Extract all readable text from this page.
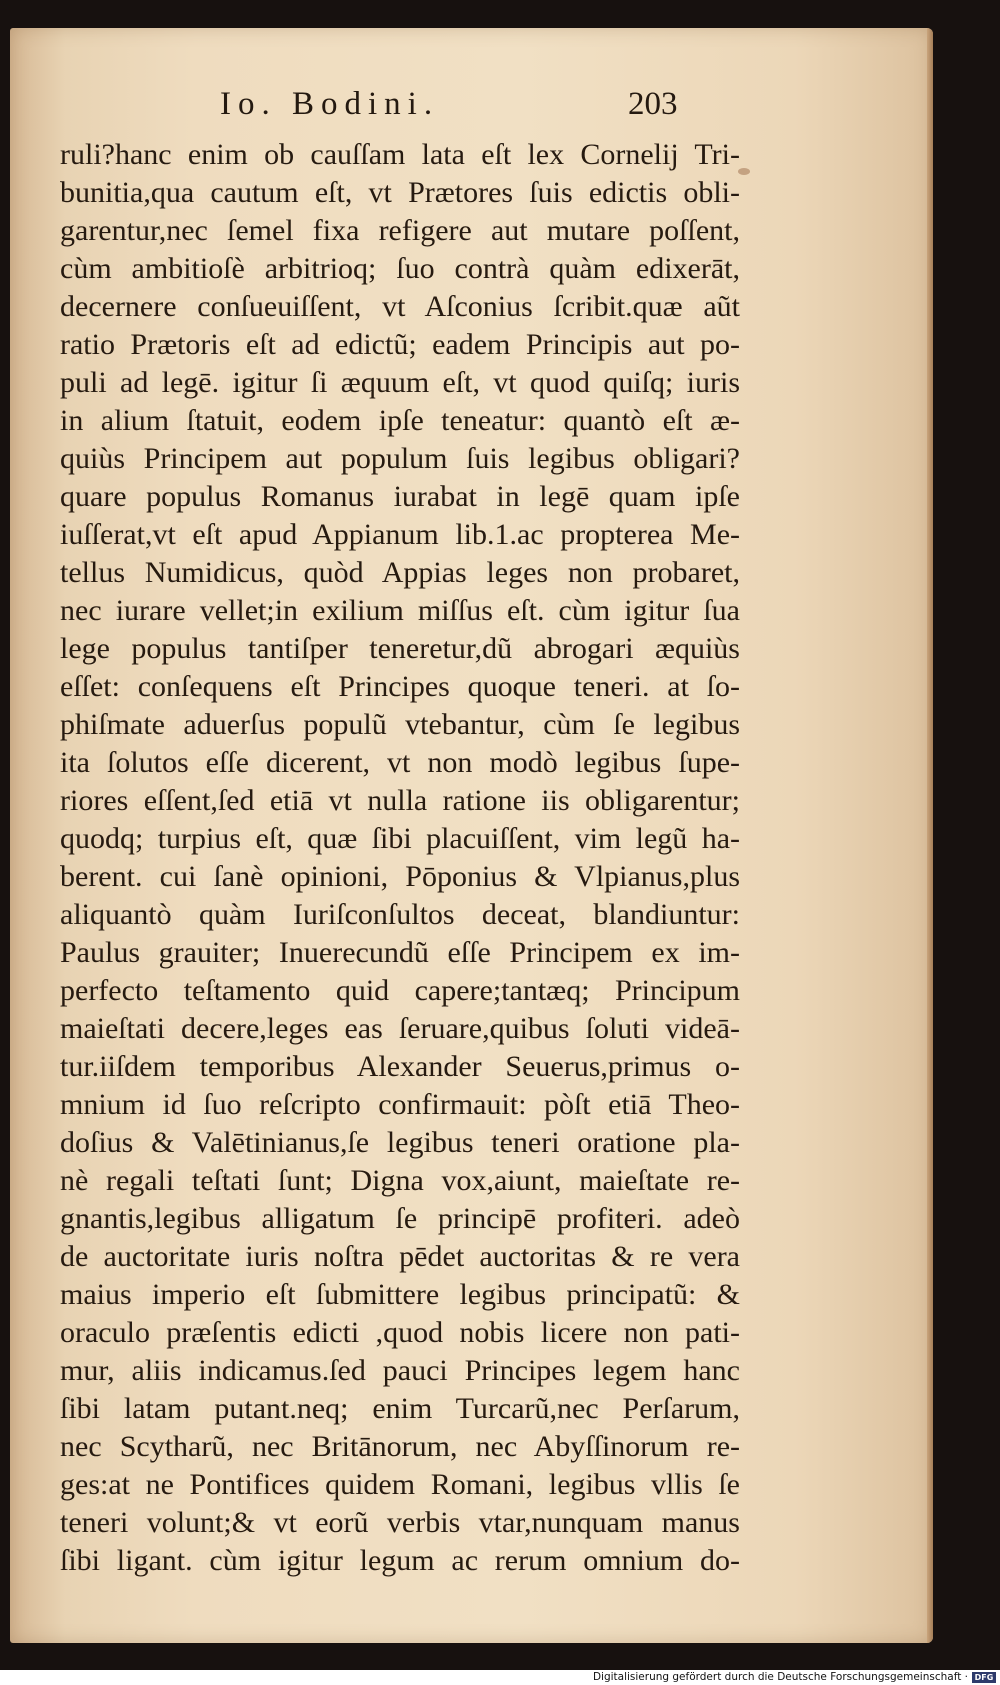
Io. Bodini.	203
ruli?hanc enim ob cauſſam lata eſt lex Cornelij Tri-
bunitia,qua cautum eſt, vt Prætores ſuis edictis obli-
garentur,nec ſemel fixa refigere aut mutare poſſent,
cùm ambitioſè arbitrioq; ſuo contrà quàm edixerāt,
decernere conſueuiſſent, vt Aſconius ſcribit.quæ aũt
ratio Prætoris eſt ad edictũ; eadem Principis aut po-
puli ad legē. igitur ſi æquum eſt, vt quod quiſq; iuris
in alium ſtatuit, eodem ipſe teneatur: quantò eſt æ-
quiùs Principem aut populum ſuis legibus obligari?
quare populus Romanus iurabat in legē quam ipſe
iuſſerat,vt eſt apud Appianum lib.1.ac propterea Me-
tellus Numidicus, quòd Appias leges non probaret,
nec iurare vellet;in exilium miſſus eſt. cùm igitur ſua
lege populus tantiſper teneretur,dũ abrogari æquiùs
eſſet: conſequens eſt Principes quoque teneri. at ſo-
phiſmate aduerſus populũ vtebantur, cùm ſe legibus
ita ſolutos eſſe dicerent, vt non modò legibus ſupe-
riores eſſent,ſed etiā vt nulla ratione iis obligarentur;
quodq; turpius eſt, quæ ſibi placuiſſent, vim legũ ha-
berent. cui ſanè opinioni, Pōponius & Vlpianus,plus
aliquantò quàm Iuriſconſultos deceat, blandiuntur:
Paulus grauiter; Inuerecundũ eſſe Principem ex im-
perfecto teſtamento quid capere;tantæq; Principum
maieſtati decere,leges eas ſeruare,quibus ſoluti videā-
tur.iiſdem temporibus Alexander Seuerus,primus o-
mnium id ſuo reſcripto confirmauit: pòſt etiā Theo-
doſius & Valētinianus,ſe legibus teneri oratione pla-
nè regali teſtati ſunt; Digna vox,aiunt, maieſtate re-
gnantis,legibus alligatum ſe principē profiteri. adeò
de auctoritate iuris noſtra pēdet auctoritas & re vera
maius imperio eſt ſubmittere legibus principatũ: &
oraculo præſentis edicti ,quod nobis licere non pati-
mur, aliis indicamus.ſed pauci Principes legem hanc
ſibi latam putant.neq; enim Turcarũ,nec Perſarum,
nec Scytharũ, nec Britānorum, nec Abyſſinorum re-
ges:at ne Pontifices quidem Romani, legibus vllis ſe
teneri volunt;& vt eorũ verbis vtar,nunquam manus
ſibi ligant. cùm igitur legum ac rerum omnium do-
Digitalisierung gefördert durch die Deutsche Forschungsgemeinschaft · DFG
